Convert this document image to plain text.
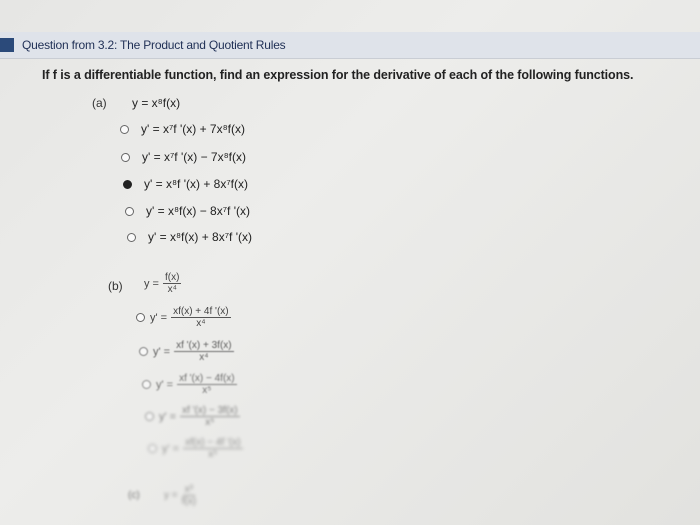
Question from 3.2: The Product and Quotient Rules
If f is a differentiable function, find an expression for the derivative of each of the following functions.
(a) y = x⁸f(x)
y' = x⁷f '(x) + 7x⁸f(x)
y' = x⁷f '(x) − 7x⁸f(x)
y' = x⁸f '(x) + 8x⁷f(x)
y' = x⁸f(x) − 8x⁷f '(x)
y' = x⁸f(x) + 8x⁷f '(x)
(b) $y = \frac{f(x)}{\text{x⁴}}$
$y' = \frac{xf(x) + 4f '(x)}{\text{x⁴}}$
$y' = \frac{xf '(x) + 3f(x)}{\text{x⁴}}$
$y' = \frac{xf '(x) - 4f(x)}{\text{x⁵}}$
$y' = \frac{xf '(x) - 3f(x)}{\text{x⁵}}$
$y' = \frac{xf(x) - 4f '(x)}{\text{x⁵}}$
(c) $y = \frac{\text{x³}}{f(x)}$
